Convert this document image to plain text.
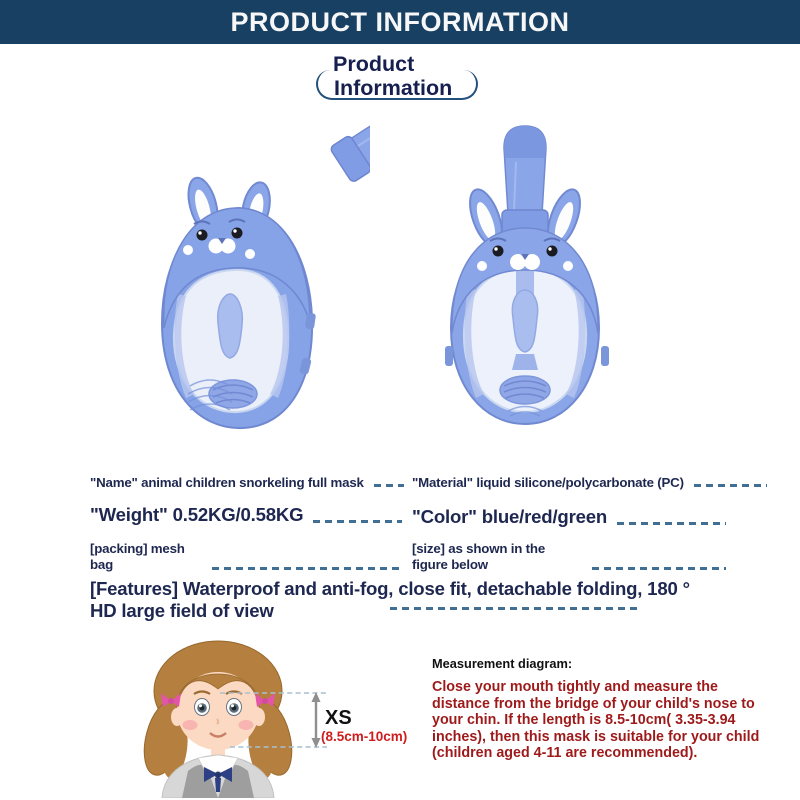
PRODUCT INFORMATION
Product
Information
"Name" animal children snorkeling full mask	"Material" liquid silicone/polycarbonate (PC)
"Weight" 0.52KG/0.58KG	"Color" blue/red/green
[packing] mesh bag
[size] as shown in the figure below
[Features] Waterproof and anti-fog, close fit, detachable folding, 180 ° HD large field of view
XS
(8.5cm-10cm)
Measurement diagram:
Close your mouth tightly and measure the distance from the bridge of your child's nose to your chin. If the length is 8.5-10cm( 3.35-3.94 inches), then this mask is suitable for your child (children aged 4-11 are recommended).
